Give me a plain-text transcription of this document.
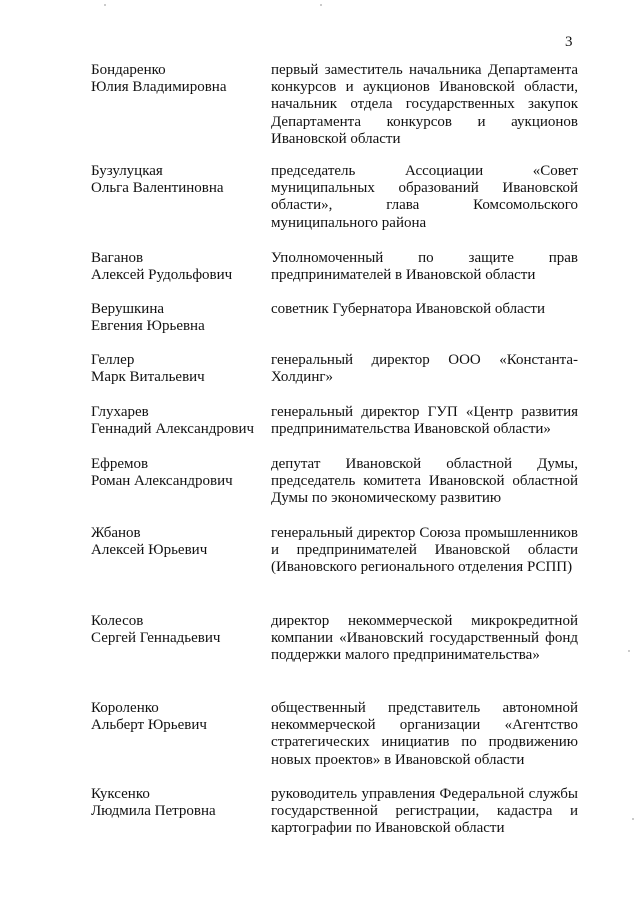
3
Бондаренко
Юлия Владимировна
первый заместитель начальника Департамента конкурсов и аукционов Ивановской области, начальник отдела государственных закупок Департамента конкурсов и аукционов Ивановской области
Бузулуцкая
Ольга Валентиновна
председатель Ассоциации «Совет муниципальных образований Ивановской области», глава Комсомольского муниципального района
Ваганов
Алексей Рудольфович
Уполномоченный по защите прав предпринимателей в Ивановской области
Верушкина
Евгения Юрьевна
советник Губернатора Ивановской области
Геллер
Марк Витальевич
генеральный директор ООО «Константа-Холдинг»
Глухарев
Геннадий Александрович
генеральный директор ГУП «Центр развития предпринимательства Ивановской области»
Ефремов
Роман Александрович
депутат Ивановской областной Думы, председатель комитета Ивановской областной Думы по экономическому развитию
Жбанов
Алексей Юрьевич
генеральный директор Союза промышленников и предпринимателей Ивановской области (Ивановского регионального отделения РСПП)
Колесов
Сергей Геннадьевич
директор некоммерческой микрокредитной компании «Ивановский государственный фонд поддержки малого предпринимательства»
Короленко
Альберт Юрьевич
общественный представитель автономной некоммерческой организации «Агентство стратегических инициатив по продвижению новых проектов» в Ивановской области
Куксенко
Людмила Петровна
руководитель управления Федеральной службы государственной регистрации, кадастра и картографии по Ивановской области
